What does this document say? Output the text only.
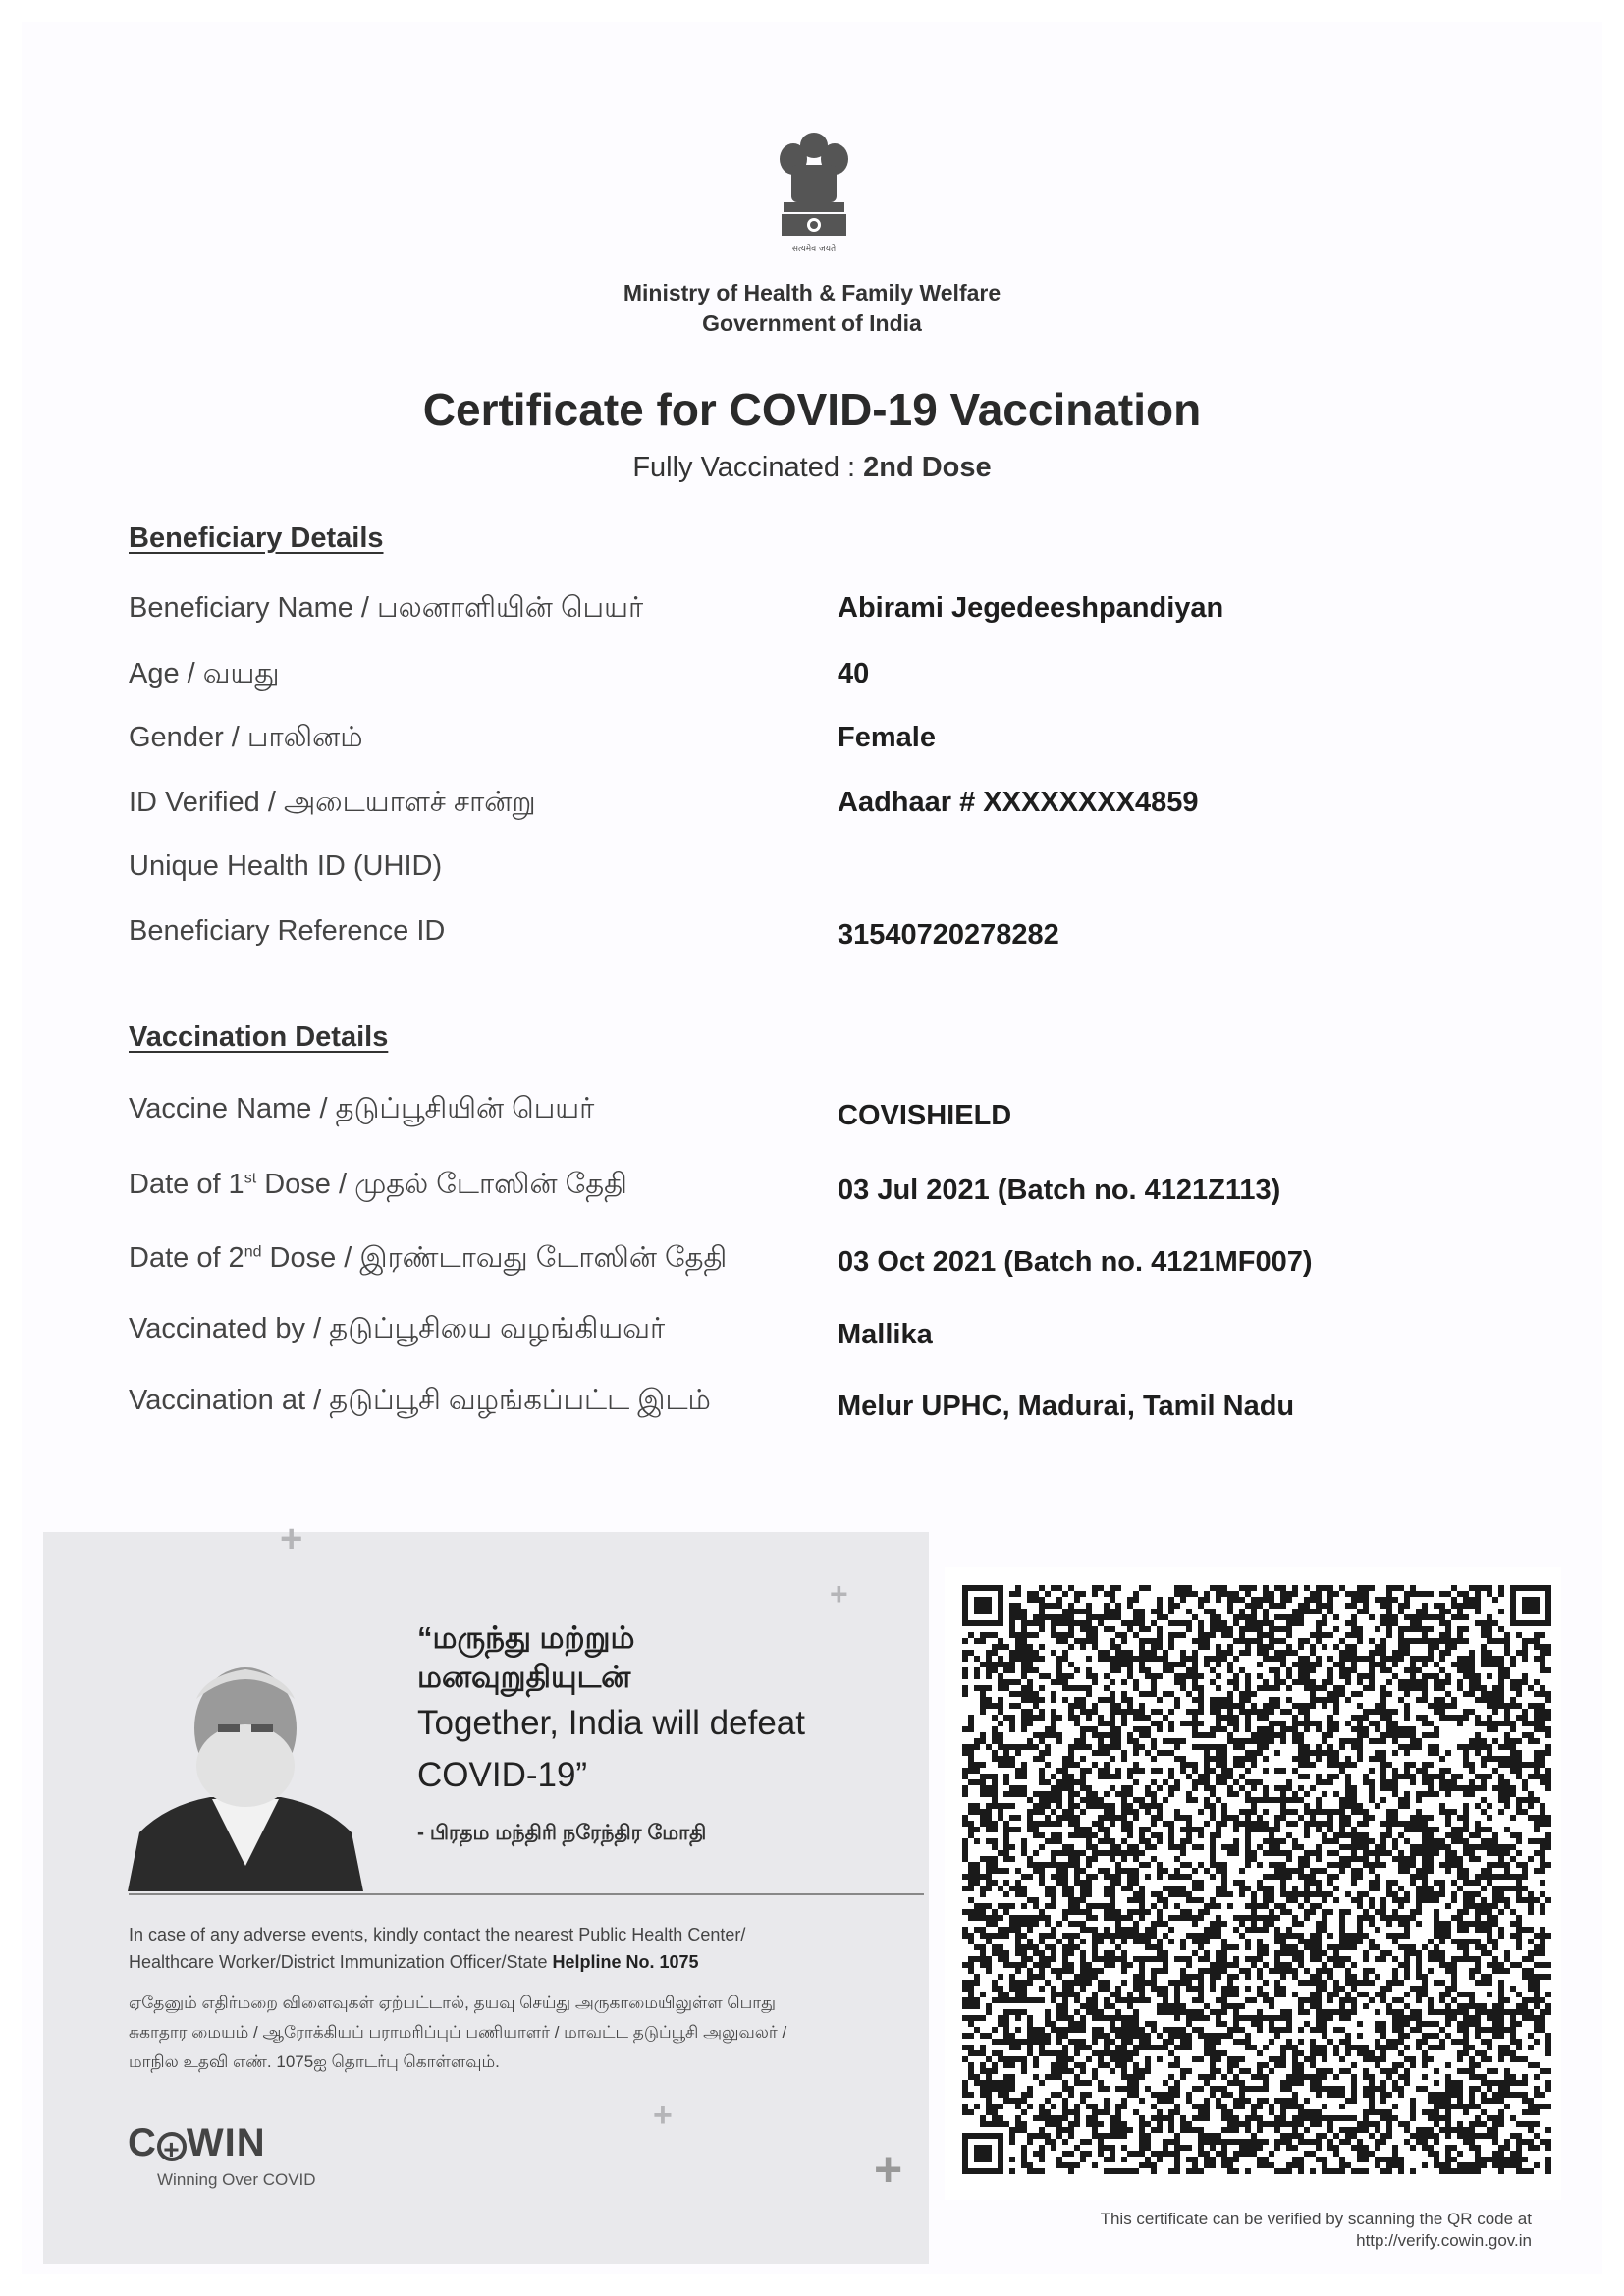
सत्यमेव जयते
Ministry of Health & Family Welfare
Government of India
Certificate for COVID-19 Vaccination
Fully Vaccinated : 2nd Dose
Beneficiary Details
Beneficiary Name / பலனாளியின் பெயர்	Abirami Jegedeeshpandiyan
Age / வயது	40
Gender / பாலினம்	Female
ID Verified / அடையாளச் சான்று	Aadhaar # XXXXXXXX4859
Unique Health ID (UHID)
Beneficiary Reference ID	31540720278282
Vaccination Details
Vaccine Name / தடுப்பூசியின் பெயர்	COVISHIELD
Date of 1st Dose / முதல் டோஸின் தேதி	03 Jul 2021 (Batch no. 4121Z113)
Date of 2nd Dose / இரண்டாவது டோஸின் தேதி	03 Oct 2021 (Batch no. 4121MF007)
Vaccinated by / தடுப்பூசியை வழங்கியவர்	Mallika
Vaccination at / தடுப்பூசி வழங்கப்பட்ட இடம்	Melur UPHC, Madurai, Tamil Nadu
+
+
+
+
“மருந்து மற்றும்
மனவுறுதியுடன்
Together, India will defeat
COVID-19”
- பிரதம மந்திரி நரேந்திர மோதி
In case of any adverse events, kindly contact the nearest Public Health Center/
Healthcare Worker/District Immunization Officer/State Helpline No. 1075
ஏதேனும் எதிர்மறை விளைவுகள் ஏற்பட்டால், தயவு செய்து அருகாமையிலுள்ள பொது
சுகாதார மையம் / ஆரோக்கியப் பராமரிப்புப் பணியாளர் / மாவட்ட தடுப்பூசி அலுவலர் /
மாநில உதவி எண். 1075ஐ தொடர்பு கொள்ளவும்.
C + WIN
Winning Over COVID
This certificate can be verified by scanning the QR code at
http://verify.cowin.gov.in
